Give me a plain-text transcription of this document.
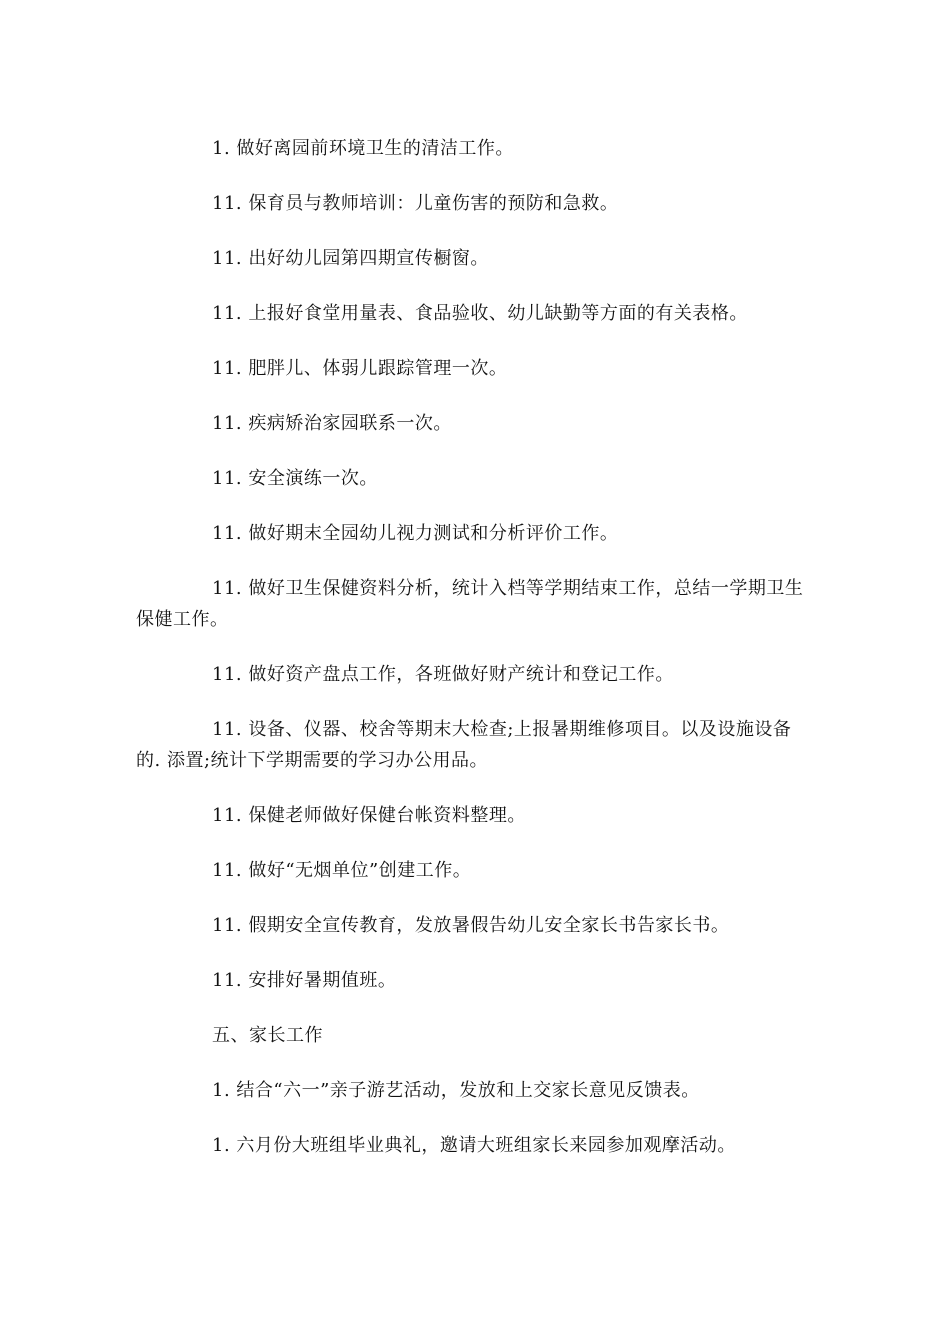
1. 做好离园前环境卫生的清洁工作。

11. 保育员与教师培训：儿童伤害的预防和急救。

11. 出好幼儿园第四期宣传橱窗。

11. 上报好食堂用量表、食品验收、幼儿缺勤等方面的有关表格。

11. 肥胖儿、体弱儿跟踪管理一次。

11. 疾病矫治家园联系一次。

11. 安全演练一次。

11. 做好期末全园幼儿视力测试和分析评价工作。

11. 做好卫生保健资料分析，统计入档等学期结束工作，总结一学期卫生保健工作。

11. 做好资产盘点工作，各班做好财产统计和登记工作。

11. 设备、仪器、校舍等期末大检查;上报暑期维修项目。以及设施设备的. 添置;统计下学期需要的学习办公用品。

11. 保健老师做好保健台帐资料整理。

11. 做好“无烟单位”创建工作。

11. 假期安全宣传教育，发放暑假告幼儿安全家长书告家长书。

11. 安排好暑期值班。

五、家长工作

1. 结合“六一”亲子游艺活动，发放和上交家长意见反馈表。

1. 六月份大班组毕业典礼，邀请大班组家长来园参加观摩活动。
